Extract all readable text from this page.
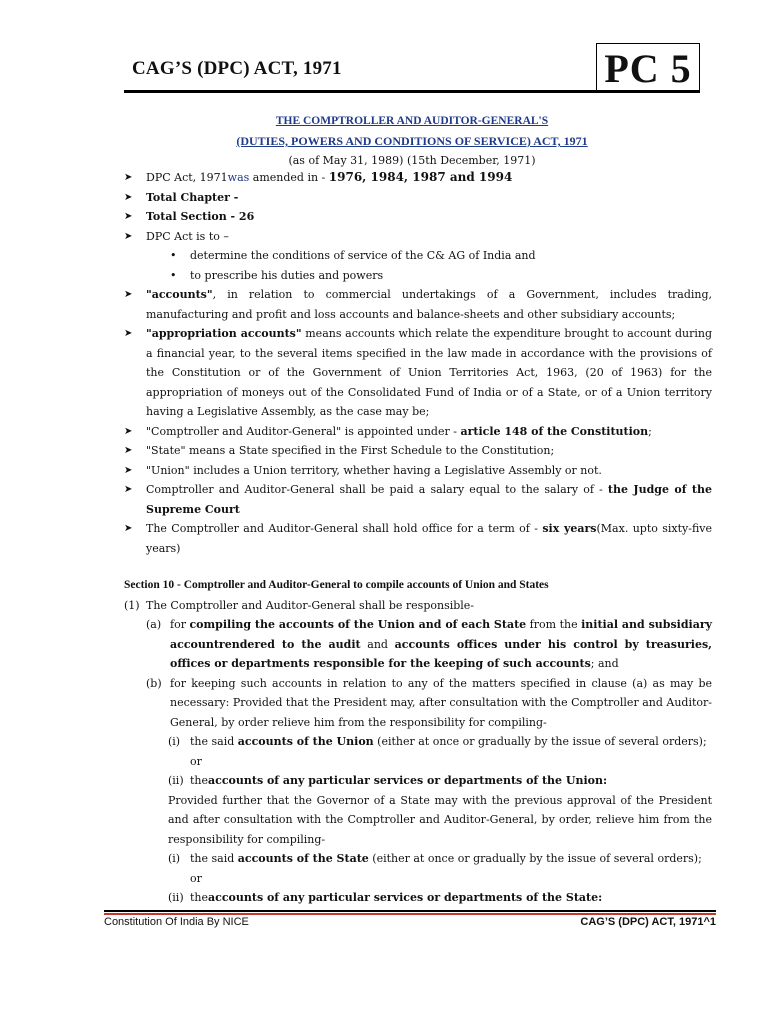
CAG’S (DPC) ACT, 1971	PC 5
THE COMPTROLLER AND AUDITOR-GENERAL'S
(DUTIES, POWERS AND CONDITIONS OF SERVICE) ACT, 1971
(as of May 31, 1989) (15th December, 1971)
➤ DPC Act, 1971was amended in - 1976, 1984, 1987 and 1994
➤ Total Chapter -
➤ Total Section - 26
➤ DPC Act is to –
• determine the conditions of service of the C& AG of India and
• to prescribe his duties and powers
➤ "accounts", in relation to commercial undertakings of a Government, includes trading, manufacturing and profit and loss accounts and balance-sheets and other subsidiary accounts;
➤ "appropriation accounts" means accounts which relate the expenditure brought to account during a financial year, to the several items specified in the law made in accordance with the provisions of the Constitution or of the Government of Union Territories Act, 1963, (20 of 1963) for the appropriation of moneys out of the Consolidated Fund of India or of a State, or of a Union territory having a Legislative Assembly, as the case may be;
➤ "Comptroller and Auditor-General" is appointed under - article 148 of the Constitution;
➤ "State" means a State specified in the First Schedule to the Constitution;
➤ "Union" includes a Union territory, whether having a Legislative Assembly or not.
➤ Comptroller and Auditor-General shall be paid a salary equal to the salary of - the Judge of the Supreme Court
➤ The Comptroller and Auditor-General shall hold office for a term of - six years(Max. upto sixty-five years)
Section 10 - Comptroller and Auditor-General to compile accounts of Union and States
(1) The Comptroller and Auditor-General shall be responsible-
(a) for compiling the accounts of the Union and of each State from the initial and subsidiary accountrendered to the audit and accounts offices under his control by treasuries, offices or departments responsible for the keeping of such accounts; and
(b) for keeping such accounts in relation to any of the matters specified in clause (a) as may be necessary: Provided that the President may, after consultation with the Comptroller and Auditor-General, by order relieve him from the responsibility for compiling-
(i) the said accounts of the Union (either at once or gradually by the issue of several orders); or
(ii) theaccounts of any particular services or departments of the Union:
Provided further that the Governor of a State may with the previous approval of the President and after consultation with the Comptroller and Auditor-General, by order, relieve him from the responsibility for compiling-
(i) the said accounts of the State (either at once or gradually by the issue of several orders); or
(ii) theaccounts of any particular services or departments of the State:
Constitution Of India By NICE	CAG’S (DPC) ACT, 1971^1
